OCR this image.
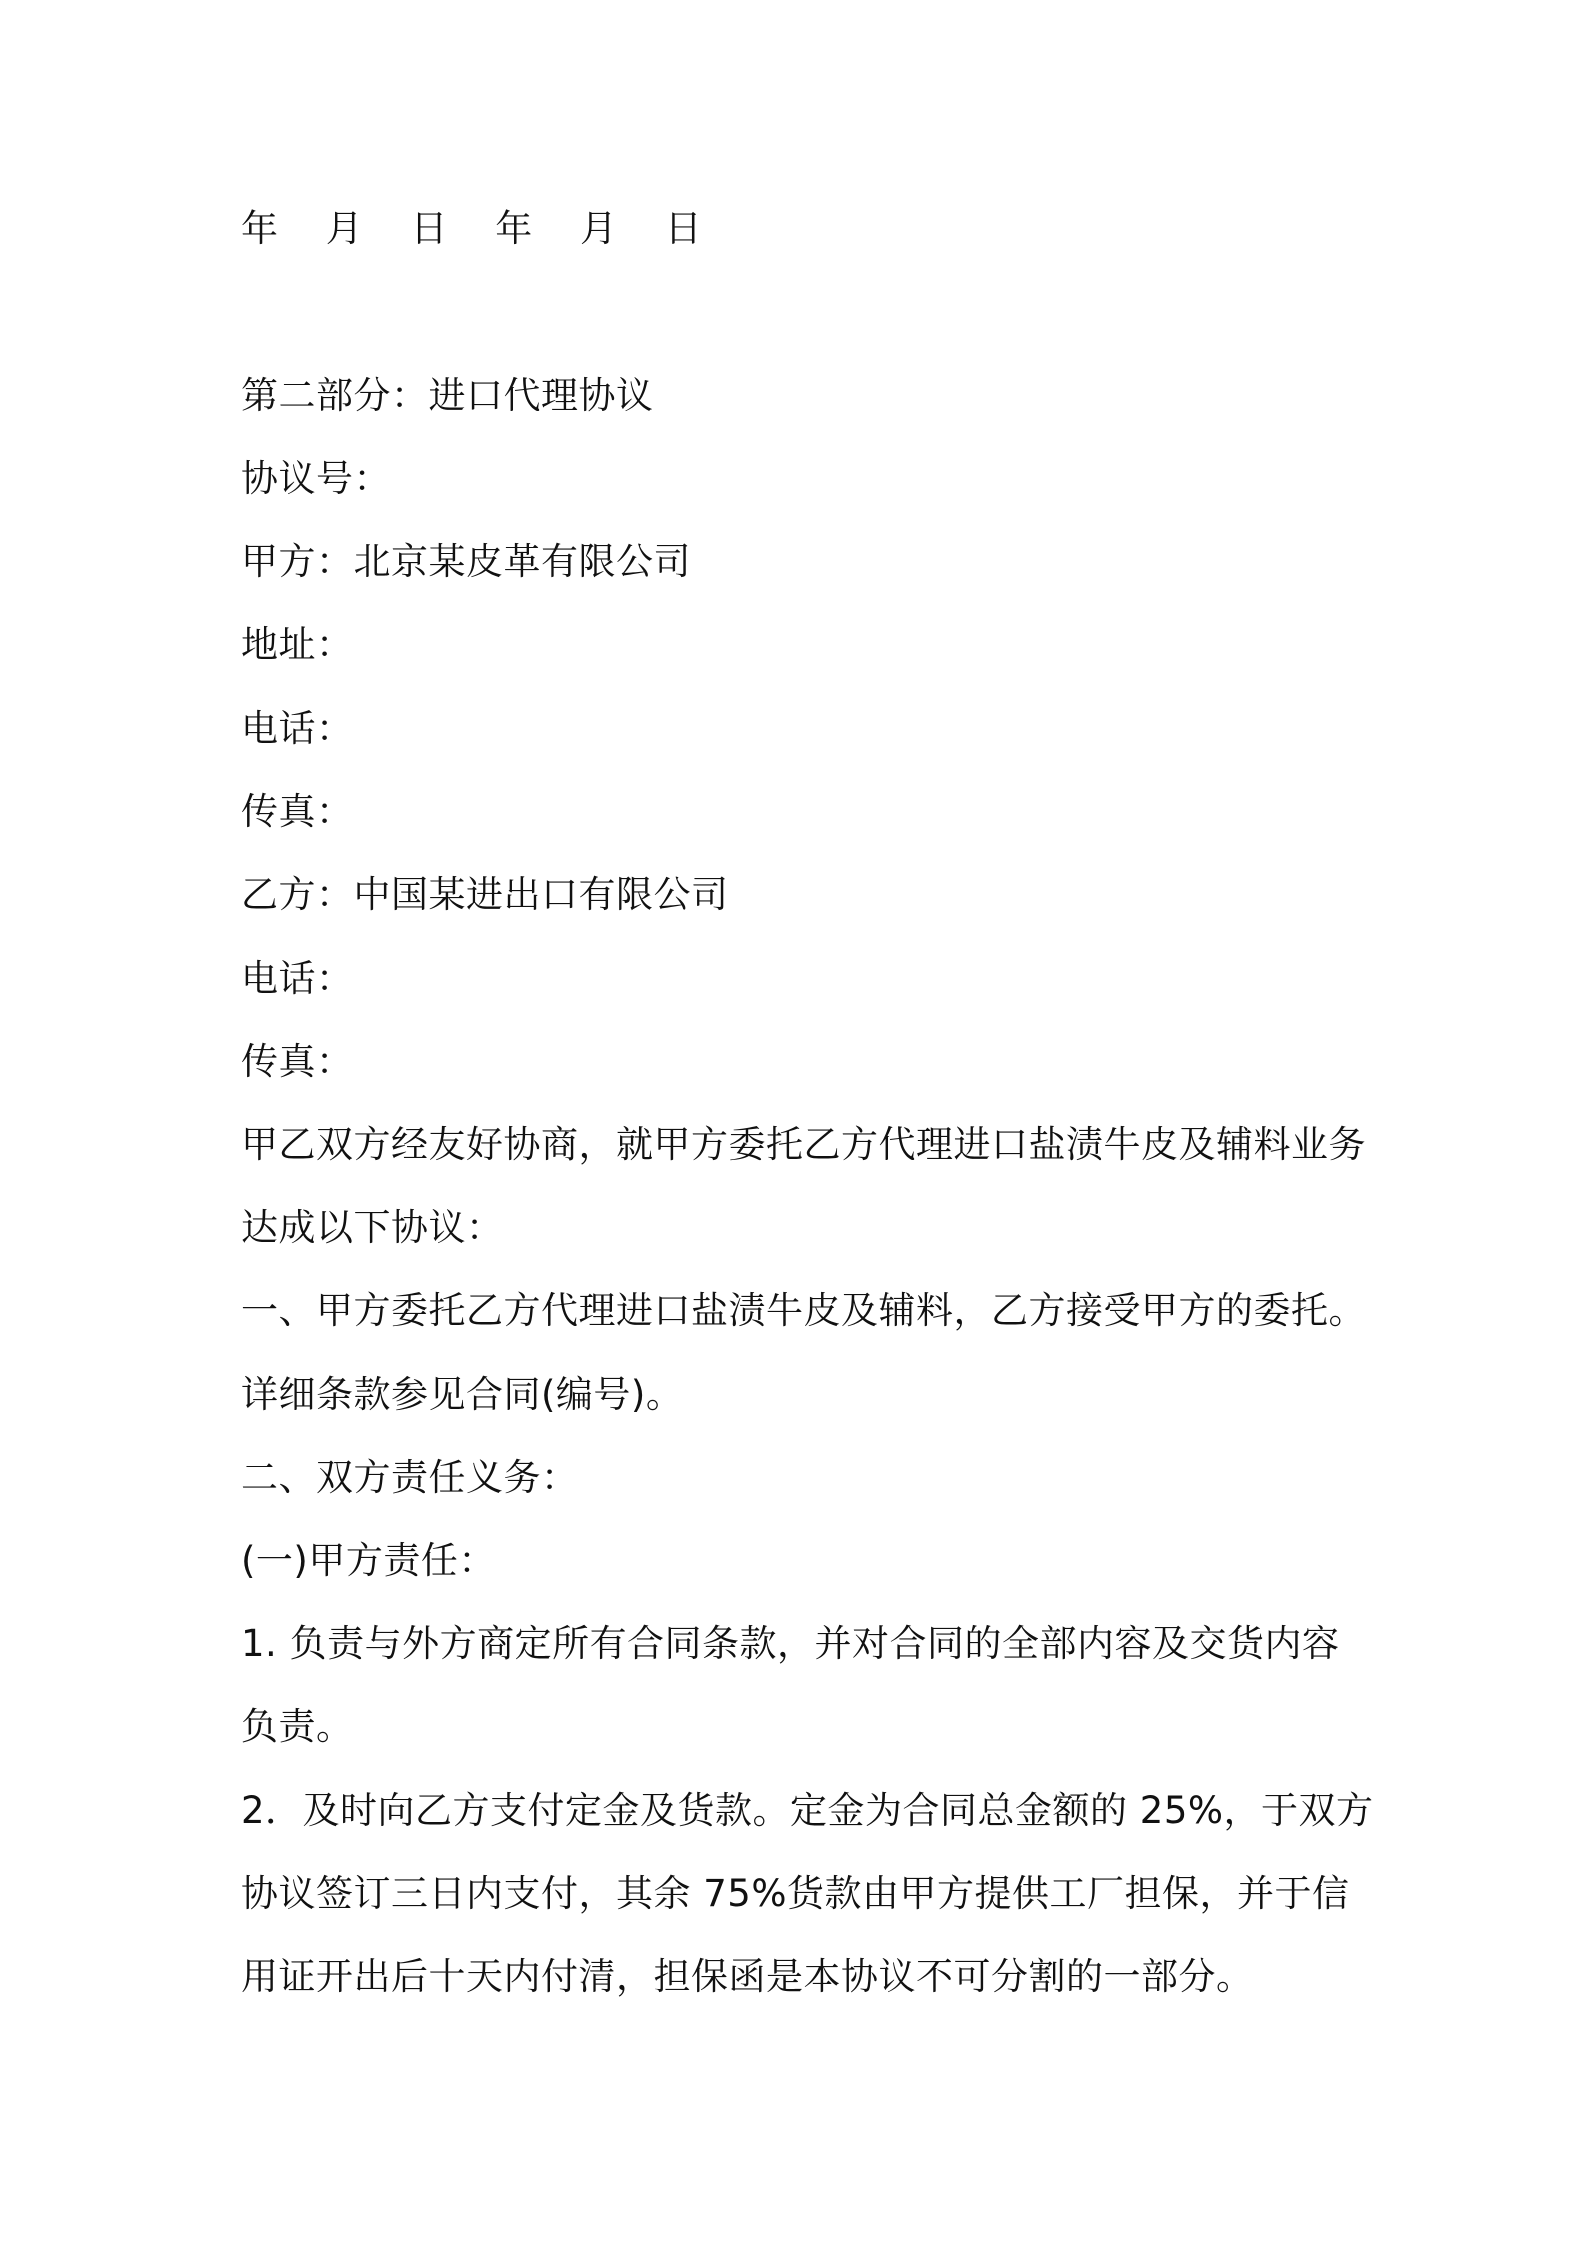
年 月 日 年 月 日
第二部分：进口代理协议
协议号：
甲方：北京某皮革有限公司
地址：
电话：
传真：
乙方：中国某进出口有限公司
电话：
传真：
甲乙双方经友好协商，就甲方委托乙方代理进口盐渍牛皮及辅料业务
达成以下协议：
一、甲方委托乙方代理进口盐渍牛皮及辅料，乙方接受甲方的委托。
详细条款参见合同(编号)。
二、双方责任义务：
(一)甲方责任：
1. 负责与外方商定所有合同条款，并对合同的全部内容及交货内容
负责。
2．及时向乙方支付定金及货款。定金为合同总金额的 25%，于双方
协议签订三日内支付，其余 75%货款由甲方提供工厂担保，并于信
用证开出后十天内付清，担保函是本协议不可分割的一部分。
